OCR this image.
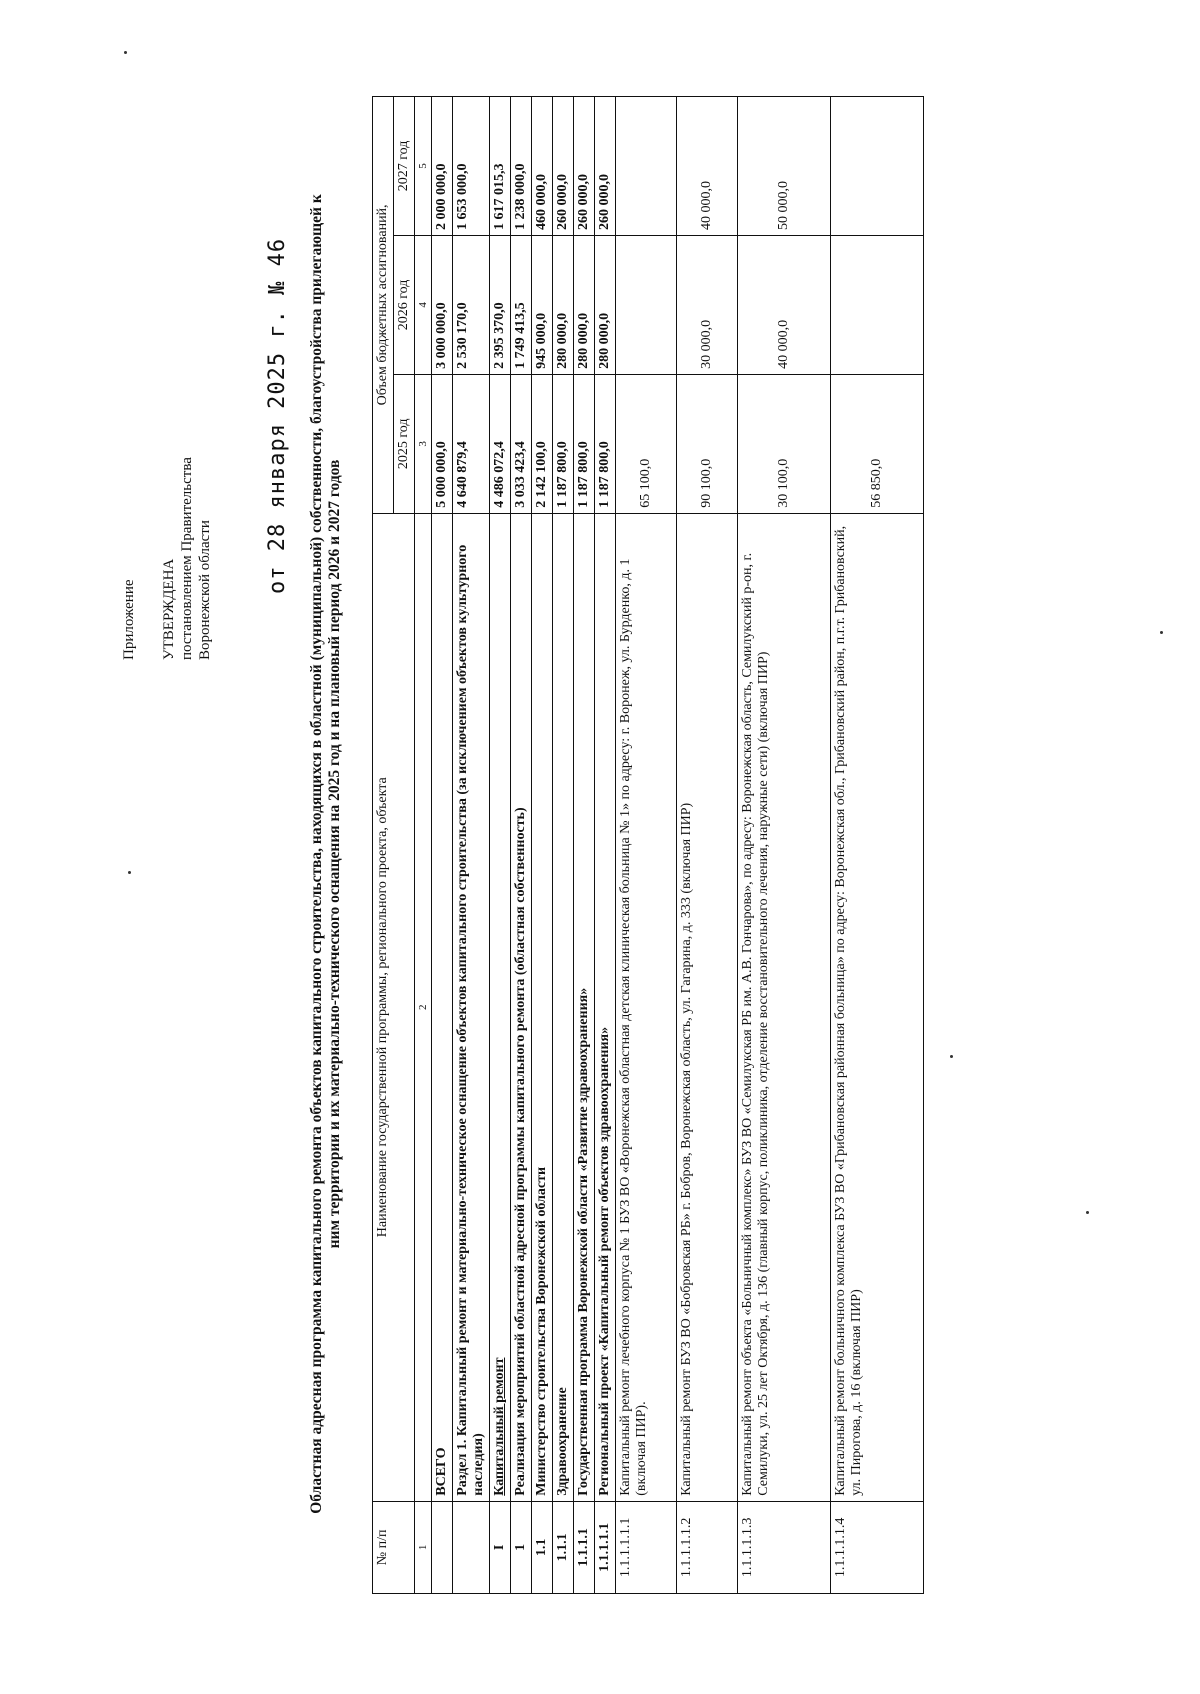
Приложение УТВЕРЖДЕНА постановлением Правительства Воронежской области от 28 января 2025 г. № 46 Областная адресная программа капитального ремонта объектов капитального строительства, находящихся в областной (муниципальной) собственности, благоустройства прилегающей к ним территории и их материально-технического оснащения на 2025 год и на плановый период 2026 и 2027 годов
№ п/п	Наименование государственной программы, регионального проекта, объекта	Объем бюджетных ассигнований,		
		2025 год	2026 год	2027 год
1	2	3	4	5
	ВСЕГО	5 000 000,0	3 000 000,0	2 000 000,0
	Раздел 1. Капитальный ремонт и материально-техническое оснащение объектов капитального строительства (за исключением объектов культурного наследия)	4 640 879,4	2 530 170,0	1 653 000,0
I	Капитальный ремонт	4 486 072,4	2 395 370,0	1 617 015,3
1	Реализация мероприятий областной адресной программы капитального ремонта (областная собственность)	3 033 423,4	1 749 413,5	1 238 000,0
1.1	Министерство строительства Воронежской области	2 142 100,0	945 000,0	460 000,0
1.1.1	Здравоохранение	1 187 800,0	280 000,0	260 000,0
1.1.1.1	Государственная программа Воронежской области «Развитие здравоохранения»	1 187 800,0	280 000,0	260 000,0
1.1.1.1.1	Региональный проект «Капитальный ремонт объектов здравоохранения»	1 187 800,0	280 000,0	260 000,0
1.1.1.1.1.1	Капитальный ремонт лечебного корпуса № 1 БУЗ ВО «Воронежская областная детская клиническая больница № 1» по адресу: г. Воронеж, ул. Бурденко, д. 1 (включая ПИР).	65 100,0		
1.1.1.1.1.2	Капитальный ремонт БУЗ ВО «Бобровская РБ» г. Бобров, Воронежская область, ул. Гагарина, д. 333 (включая ПИР)	90 100,0	30 000,0	40 000,0
1.1.1.1.1.3	Капитальный ремонт объекта «Больничный комплекс» БУЗ ВО «Семилукская РБ им. А.В. Гончарова», по адресу: Воронежская область, Семилукский р-он, г. Семилуки, ул. 25 лет Октября, д. 136 (главный корпус, поликлиника, отделение восстановительного лечения, наружные сети) (включая ПИР)	30 100,0	40 000,0	50 000,0
1.1.1.1.1.4	Капитальный ремонт больничного комплекса БУЗ ВО «Грибановская районная больница» по адресу: Воронежская обл., Грибановский район, п.г.т. Грибановский, ул. Пирогова, д. 16 (включая ПИР)	56 850,0		
